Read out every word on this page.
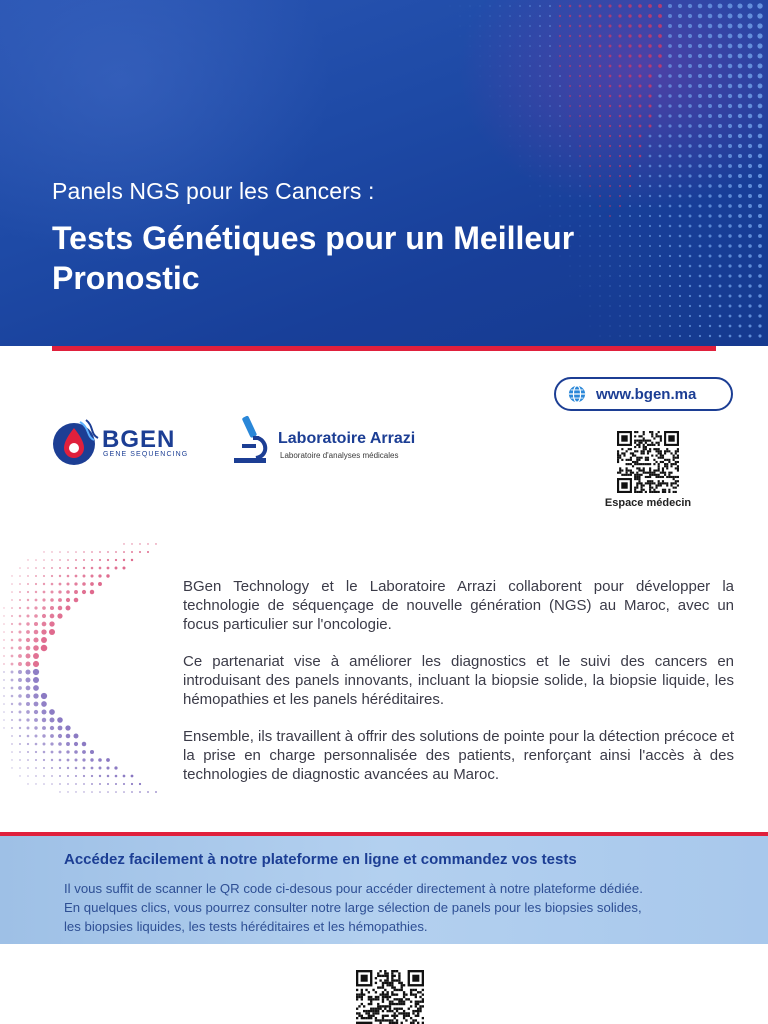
Panels NGS pour les Cancers :
Tests Génétiques pour un Meilleur
Pronostic
www.bgen.ma
BGEN
GENE SEQUENCING
Laboratoire Arrazi
Laboratoire d'analyses médicales
Espace médecin

BGen Technology et le Laboratoire Arrazi collaborent pour développer la technologie de séquençage de nouvelle génération (NGS) au Maroc, avec un focus particulier sur l'oncologie.

Ce partenariat vise à améliorer les diagnostics et le suivi des cancers en introduisant des panels innovants, incluant la biopsie solide, la biopsie liquide, les hémopathies et les panels héréditaires.

Ensemble, ils travaillent à offrir des solutions de pointe pour la détection précoce et la prise en charge personnalisée des patients, renforçant ainsi l'accès à des technologies de diagnostic avancées au Maroc.

Accédez facilement à notre plateforme en ligne et commandez vos tests
Il vous suffit de scanner le QR code ci-desous pour accéder directement à notre plateforme dédiée.
En quelques clics, vous pourrez consulter notre large sélection de panels pour les biopsies solides,
les biopsies liquides, les tests héréditaires et les hémopathies.
